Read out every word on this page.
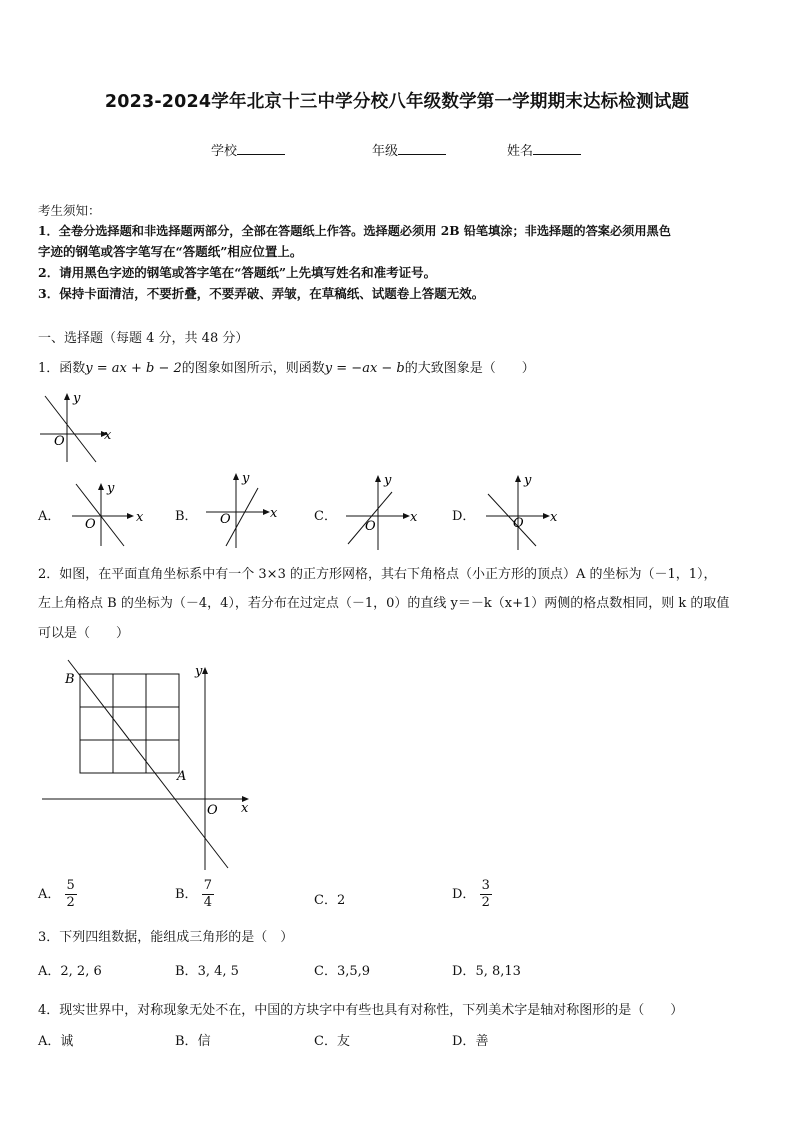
2023-2024学年北京十三中学分校八年级数学第一学期期末达标检测试题
学校	年级	姓名
考生须知：
1．全卷分选择题和非选择题两部分，全部在答题纸上作答。选择题必须用 2B 铅笔填涂；非选择题的答案必须用黑色
字迹的钢笔或答字笔写在“答题纸”相应位置上。
2．请用黑色字迹的钢笔或答字笔在“答题纸”上先填写姓名和准考证号。
3．保持卡面清洁，不要折叠，不要弄破、弄皱，在草稿纸、试题卷上答题无效。
一、选择题（每题 4 分，共 48 分）
1．函数y = ax + b − 2的图象如图所示，则函数y = −ax − b的大致图象是（　　）
y
x
O
A．
y
x
O
B．
y
x
O	C．
y
x
O
D．
y
x
O
2．如图，在平面直角坐标系中有一个 3×3 的正方形网格，其右下角格点（小正方形的顶点）A 的坐标为（－1，1），
左上角格点 B 的坐标为（－4，4），若分布在过定点（－1，0）的直线 y＝－k（x+1）两侧的格点数相同，则 k 的取值
可以是（　　）
B
A
O x
y
A． $\frac{5}{2}$	B． $\frac{7}{4}$	C．2	D． $\frac{3}{2}$
3．下列四组数据，能组成三角形的是（　）
A．2, 2, 6	B．3, 4, 5	C．3,5,9	D．5, 8,13
4．现实世界中，对称现象无处不在，中国的方块字中有些也具有对称性，下列美术字是轴对称图形的是（　　）
A．诚	B．信	C．友	D．善
